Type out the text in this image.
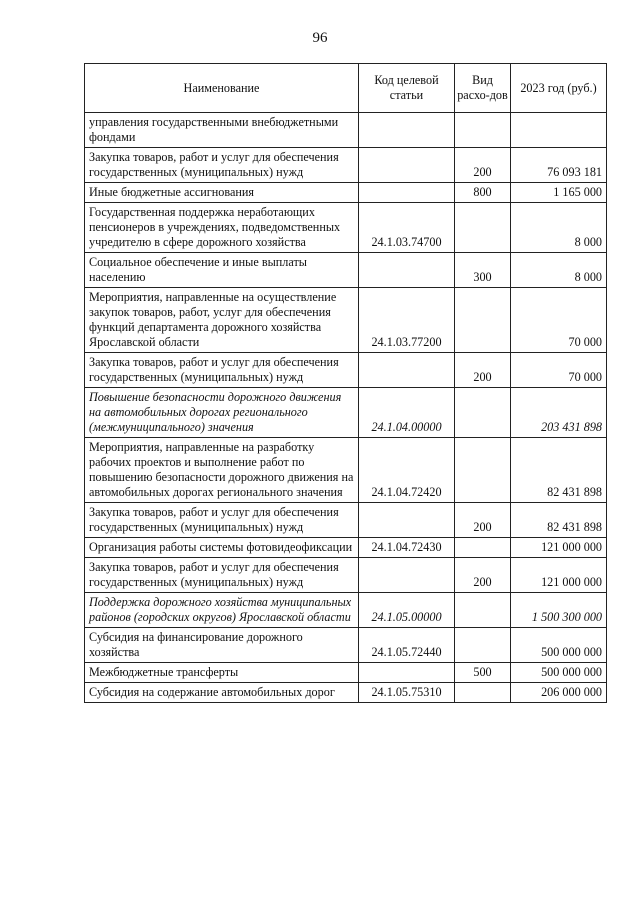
96
Наименование	Код целевой статьи	Вид расхо-дов	2023 год (руб.)
управления государственными внебюджетными фондами			
Закупка товаров, работ и услуг для обеспечения государственных (муниципальных) нужд		200	76 093 181
Иные бюджетные ассигнования		800	1 165 000
Государственная поддержка неработающих пенсионеров в учреждениях, подведомственных учредителю в сфере дорожного хозяйства	24.1.03.74700		8 000
Социальное обеспечение и иные выплаты населению		300	8 000
Мероприятия, направленные на осуществление закупок товаров, работ, услуг для обеспечения функций департамента дорожного хозяйства Ярославской области	24.1.03.77200		70 000
Закупка товаров, работ и услуг для обеспечения государственных (муниципальных) нужд		200	70 000
Повышение безопасности дорожного движения на автомобильных дорогах регионального (межмуниципального) значения	24.1.04.00000		203 431 898
Мероприятия, направленные на разработку рабочих проектов и выполнение работ по повышению безопасности дорожного движения на автомобильных дорогах регионального значения	24.1.04.72420		82 431 898
Закупка товаров, работ и услуг для обеспечения государственных (муниципальных) нужд		200	82 431 898
Организация работы системы фотовидеофиксации	24.1.04.72430		121 000 000
Закупка товаров, работ и услуг для обеспечения государственных (муниципальных) нужд		200	121 000 000
Поддержка дорожного хозяйства муниципальных районов (городских округов) Ярославской области	24.1.05.00000		1 500 300 000
Субсидия на финансирование дорожного хозяйства	24.1.05.72440		500 000 000
Межбюджетные трансферты		500	500 000 000
Субсидия на содержание автомобильных дорог	24.1.05.75310		206 000 000
